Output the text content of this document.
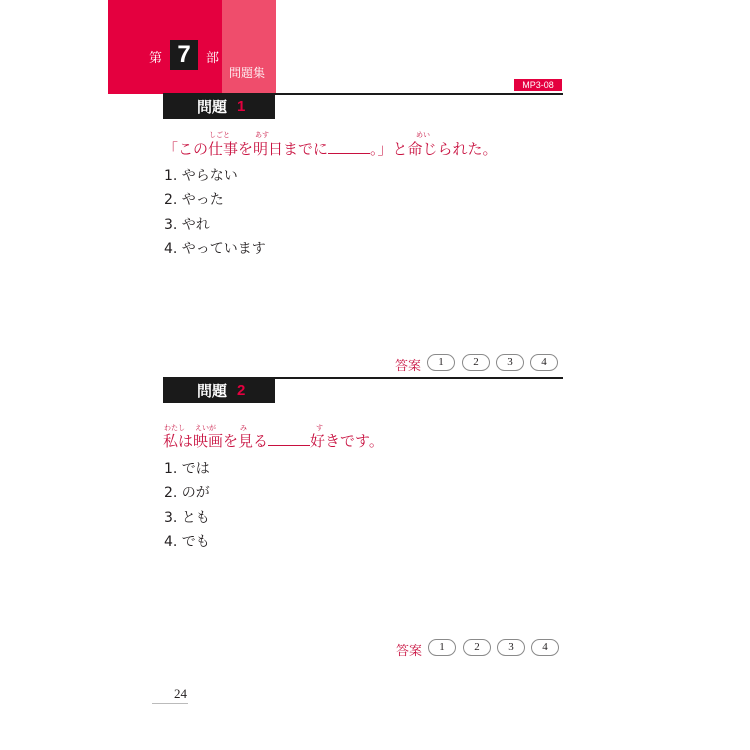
第 7	部
問題集
MP3-08
問題 1
しごと	あす	めい
「この仕事を明日までに	。」と命じられた。
1. やらない
2. やった
3. やれ
4. やっています
答案	1	2	3	4
問題 2
わたし えいが	み	す
私は映画を見る	好きです。
1. では
2. のが
3. とも
4. でも
答案	1	2	3	4
24
